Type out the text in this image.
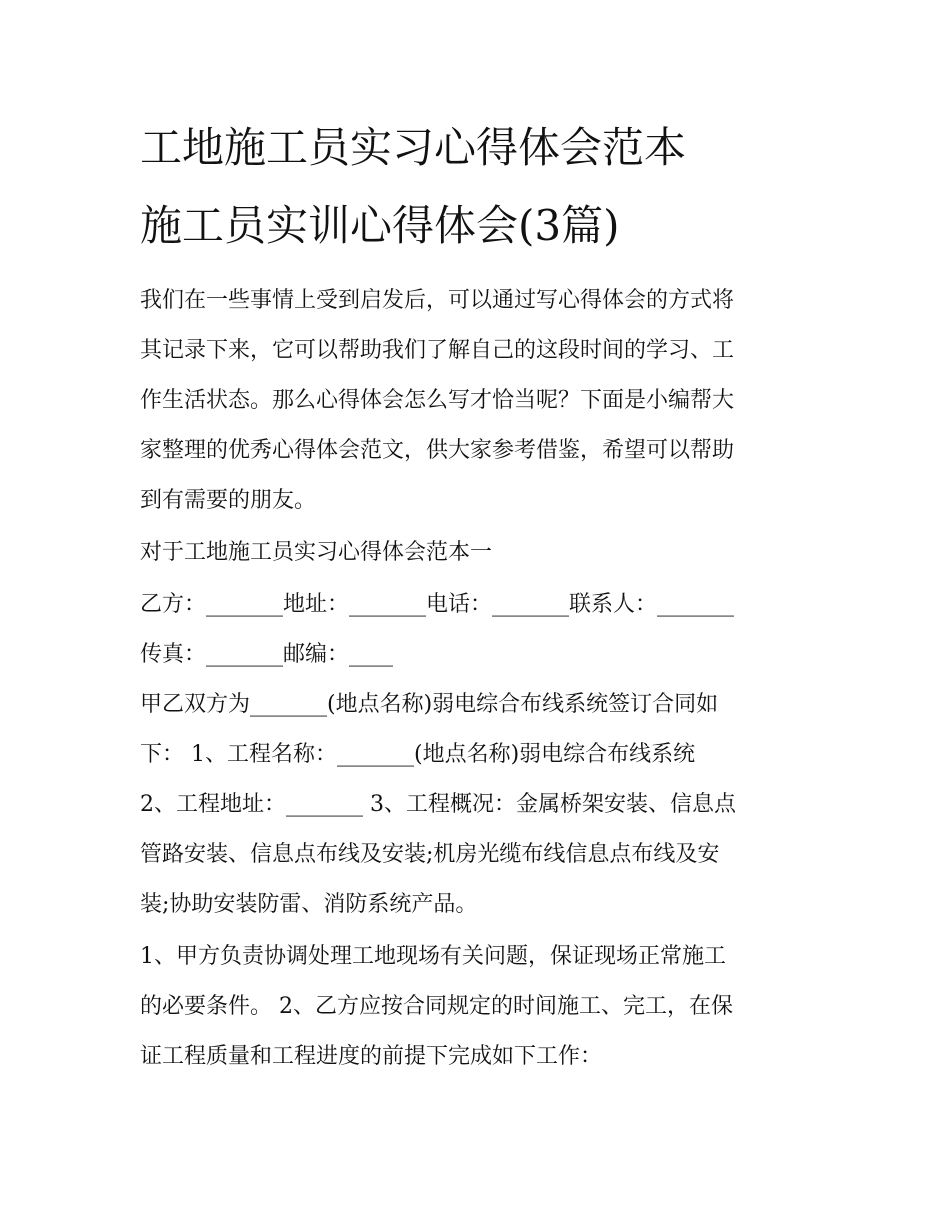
工地施工员实习心得体会范本
施工员实训心得体会(3篇)
我们在一些事情上受到启发后，可以通过写心得体会的方式将
其记录下来，它可以帮助我们了解自己的这段时间的学习、工
作生活状态。那么心得体会怎么写才恰当呢？下面是小编帮大
家整理的优秀心得体会范文，供大家参考借鉴，希望可以帮助
到有需要的朋友。
对于工地施工员实习心得体会范本一
乙方：_______地址：_______电话：_______联系人：_______
传真：_______邮编：____
甲乙双方为_______(地点名称)弱电综合布线系统签订合同如
下： 1、工程名称：_______(地点名称)弱电综合布线系统
2、工程地址：_______ 3、工程概况：金属桥架安装、信息点
管路安装、信息点布线及安装;机房光缆布线信息点布线及安
装;协助安装防雷、消防系统产品。
1、甲方负责协调处理工地现场有关问题，保证现场正常施工
的必要条件。 2、乙方应按合同规定的时间施工、完工，在保
证工程质量和工程进度的前提下完成如下工作：
